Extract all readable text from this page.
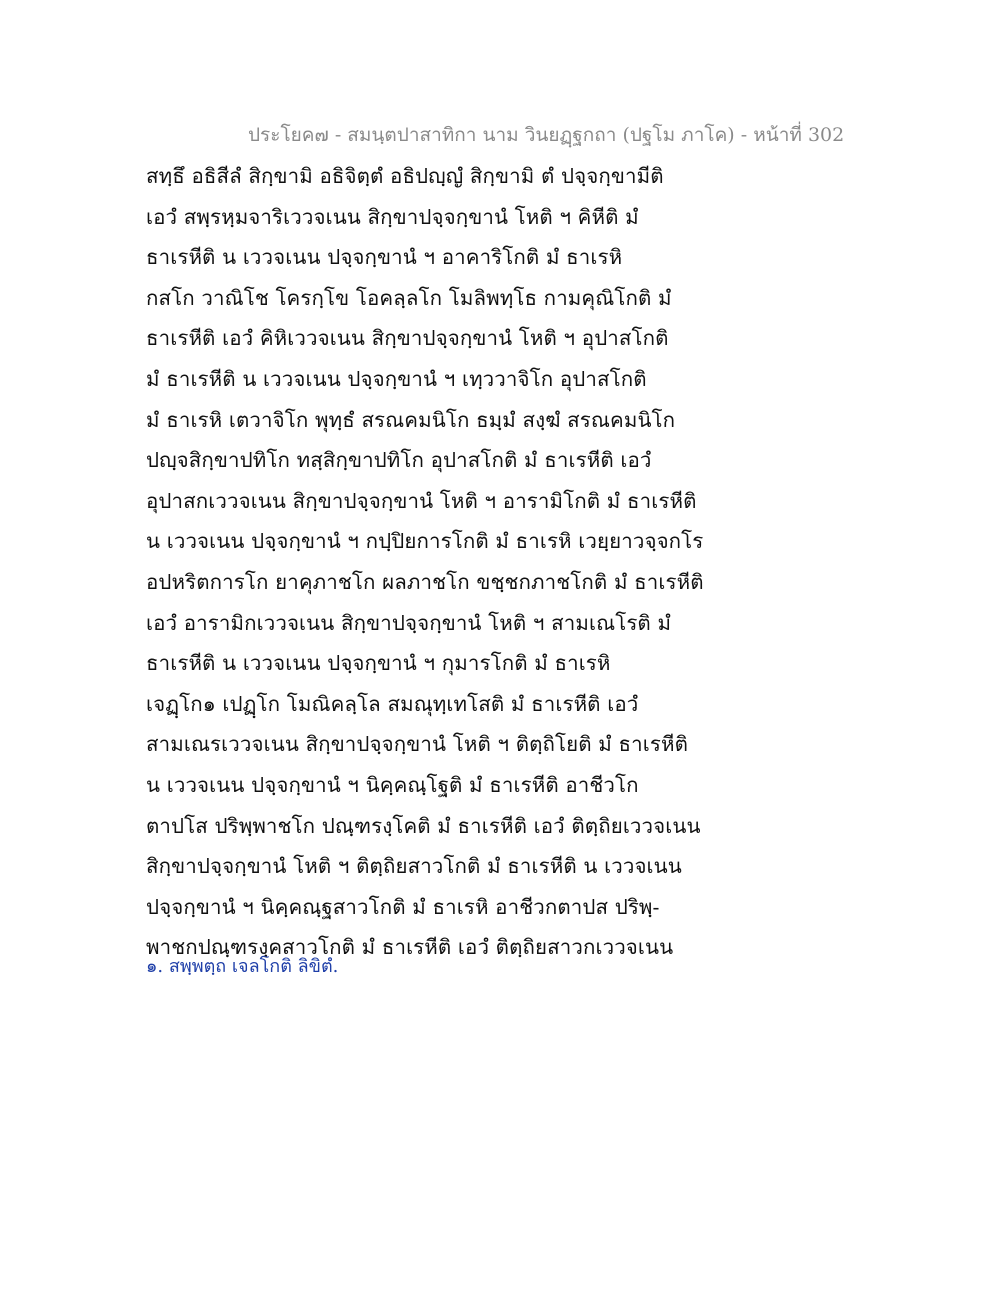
ประโยค๗ - สมนฺตปาสาทิกา นาม วินยฏฺฐกถา (ปฐโม ภาโค) - หน้าที่ 302
สทฺธึ อธิสีลํ สิกฺขามิ อธิจิตฺตํ อธิปญฺญํ สิกฺขามิ ตํ ปจฺจกฺขามีติ
เอวํ สพฺรหฺมจาริเววจเนน สิกฺขาปจฺจกฺขานํ โหติ ฯ คิหีติ มํ
ธาเรหีติ น เววจเนน ปจฺจกฺขานํ ฯ อาคาริโกติ มํ ธาเรหิ
กสโก วาณิโช โครกฺโข โอคลฺลโก โมลิพทฺโธ กามคุณิโกติ มํ
ธาเรหีติ เอวํ คิหิเววจเนน สิกฺขาปจฺจกฺขานํ โหติ ฯ อุปาสโกติ
มํ ธาเรหีติ น เววจเนน ปจฺจกฺขานํ ฯ เทฺววาจิโก อุปาสโกติ
มํ ธาเรหิ เตวาจิโก พุทฺธํ สรณคมนิโก ธมฺมํ สงฺฆํ สรณคมนิโก
ปญฺจสิกฺขาปทิโก ทสฺสิกฺขาปทิโก อุปาสโกติ มํ ธาเรหีติ เอวํ
อุปาสกเววจเนน สิกฺขาปจฺจกฺขานํ โหติ ฯ อารามิโกติ มํ ธาเรหีติ
น เววจเนน ปจฺจกฺขานํ ฯ กปฺปิยการโกติ มํ ธาเรหิ เวยฺยาวจฺจกโร
อปหริตการโก ยาคุภาชโก ผลภาชโก ขชฺชกภาชโกติ มํ ธาเรหีติ
เอวํ อารามิกเววจเนน สิกฺขาปจฺจกฺขานํ โหติ ฯ สามเณโรติ มํ
ธาเรหีติ น เววจเนน ปจฺจกฺขานํ ฯ กุมารโกติ มํ ธาเรหิ
เจฏฺโก๑ เปฏฺโก โมณิคลฺโล สมณุทฺเทโสติ มํ ธาเรหีติ เอวํ
สามเณรเววจเนน สิกฺขาปจฺจกฺขานํ โหติ ฯ ติตฺถิโยติ มํ ธาเรหีติ
น เววจเนน ปจฺจกฺขานํ ฯ นิคฺคณฺโฐติ มํ ธาเรหีติ อาชีวโก
ตาปโส ปริพฺพาชโก ปณฺฑรงฺโคติ มํ ธาเรหีติ เอวํ ติตฺถิยเววจเนน
สิกฺขาปจฺจกฺขานํ โหติ ฯ ติตฺถิยสาวโกติ มํ ธาเรหีติ น เววจเนน
ปจฺจกฺขานํ ฯ นิคฺคณฺฐสาวโกติ มํ ธาเรหิ อาชีวกตาปส ปริพฺ-
พาชกปณฺฑรงฺคสาวโกติ มํ ธาเรหีติ เอวํ ติตฺถิยสาวกเววจเนน
๑. สพฺพตฺถ เจลโกติ ลิขิตํ.
